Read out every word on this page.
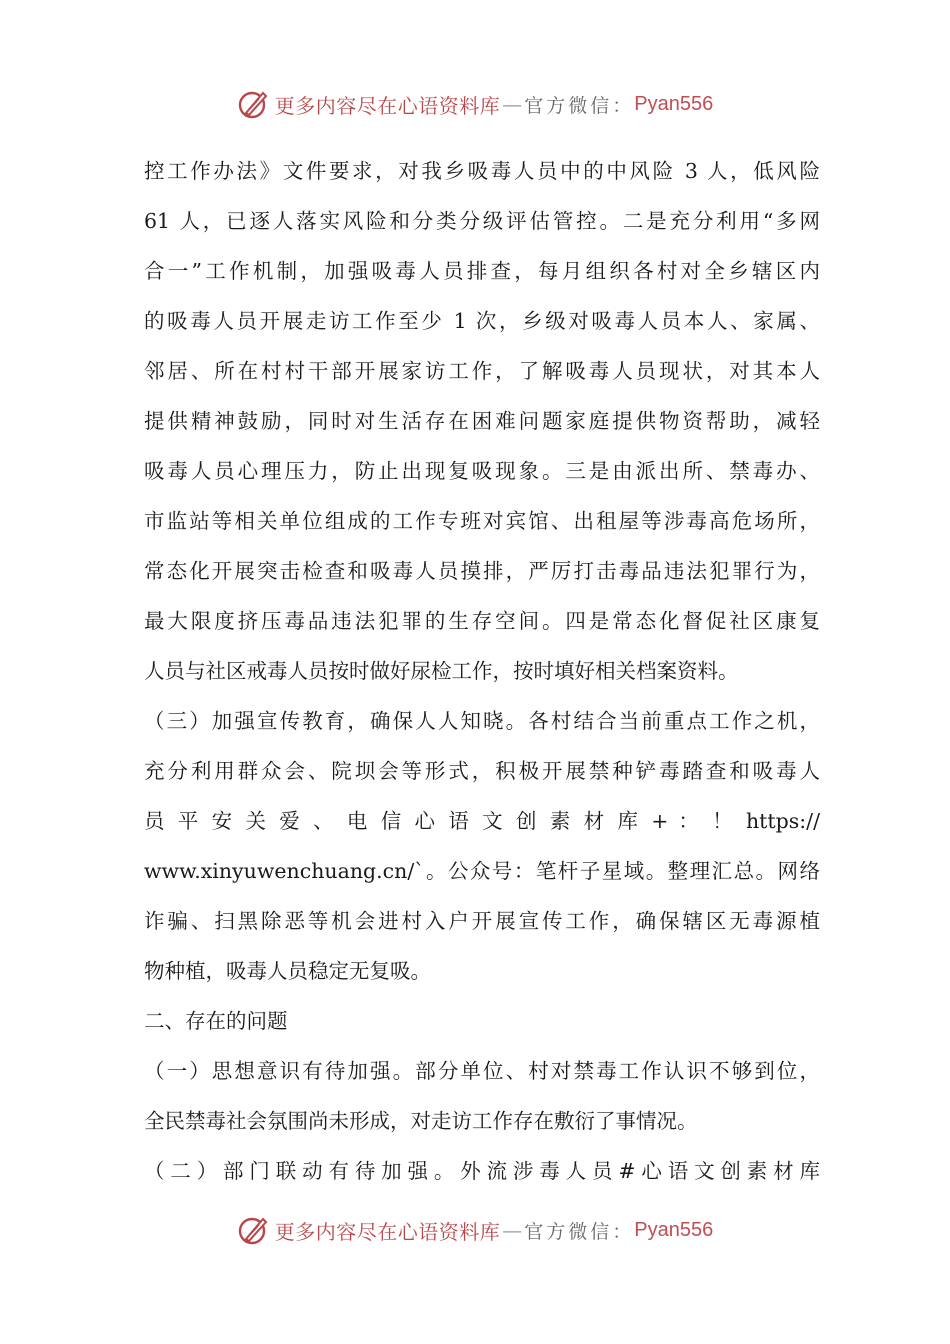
更多内容尽在心语资料库 — 官方微信： Pyan556
控工作办法》文件要求，对我乡吸毒人员中的中风险 3 人，低风险
61 人，已逐人落实风险和分类分级评估管控。二是充分利用“多网
合一”工作机制，加强吸毒人员排查，每月组织各村对全乡辖区内
的吸毒人员开展走访工作至少 1 次，乡级对吸毒人员本人、家属、
邻居、所在村村干部开展家访工作，了解吸毒人员现状，对其本人
提供精神鼓励，同时对生活存在困难问题家庭提供物资帮助，减轻
吸毒人员心理压力，防止出现复吸现象。三是由派出所、禁毒办、
市监站等相关单位组成的工作专班对宾馆、出租屋等涉毒高危场所，
常态化开展突击检查和吸毒人员摸排，严厉打击毒品违法犯罪行为，
最大限度挤压毒品违法犯罪的生存空间。四是常态化督促社区康复
人员与社区戒毒人员按时做好尿检工作，按时填好相关档案资料。
（三）加强宣传教育，确保人人知晓。各村结合当前重点工作之机，
充分利用群众会、院坝会等形式，积极开展禁种铲毒踏查和吸毒人
员 平 安 关 爱 、 电 信 心 语 文 创 素 材 库 + ： ！ https://
www.xinyuwenchuang.cn/`。公众号：笔杆子星域。整理汇总。网络
诈骗、扫黑除恶等机会进村入户开展宣传工作，确保辖区无毒源植
物种植，吸毒人员稳定无复吸。
二、存在的问题
（一）思想意识有待加强。部分单位、村对禁毒工作认识不够到位，
全民禁毒社会氛围尚未形成，对走访工作存在敷衍了事情况。
（二）部门联动有待加强。外流涉毒人员#心语文创素材库
更多内容尽在心语资料库 — 官方微信： Pyan556
